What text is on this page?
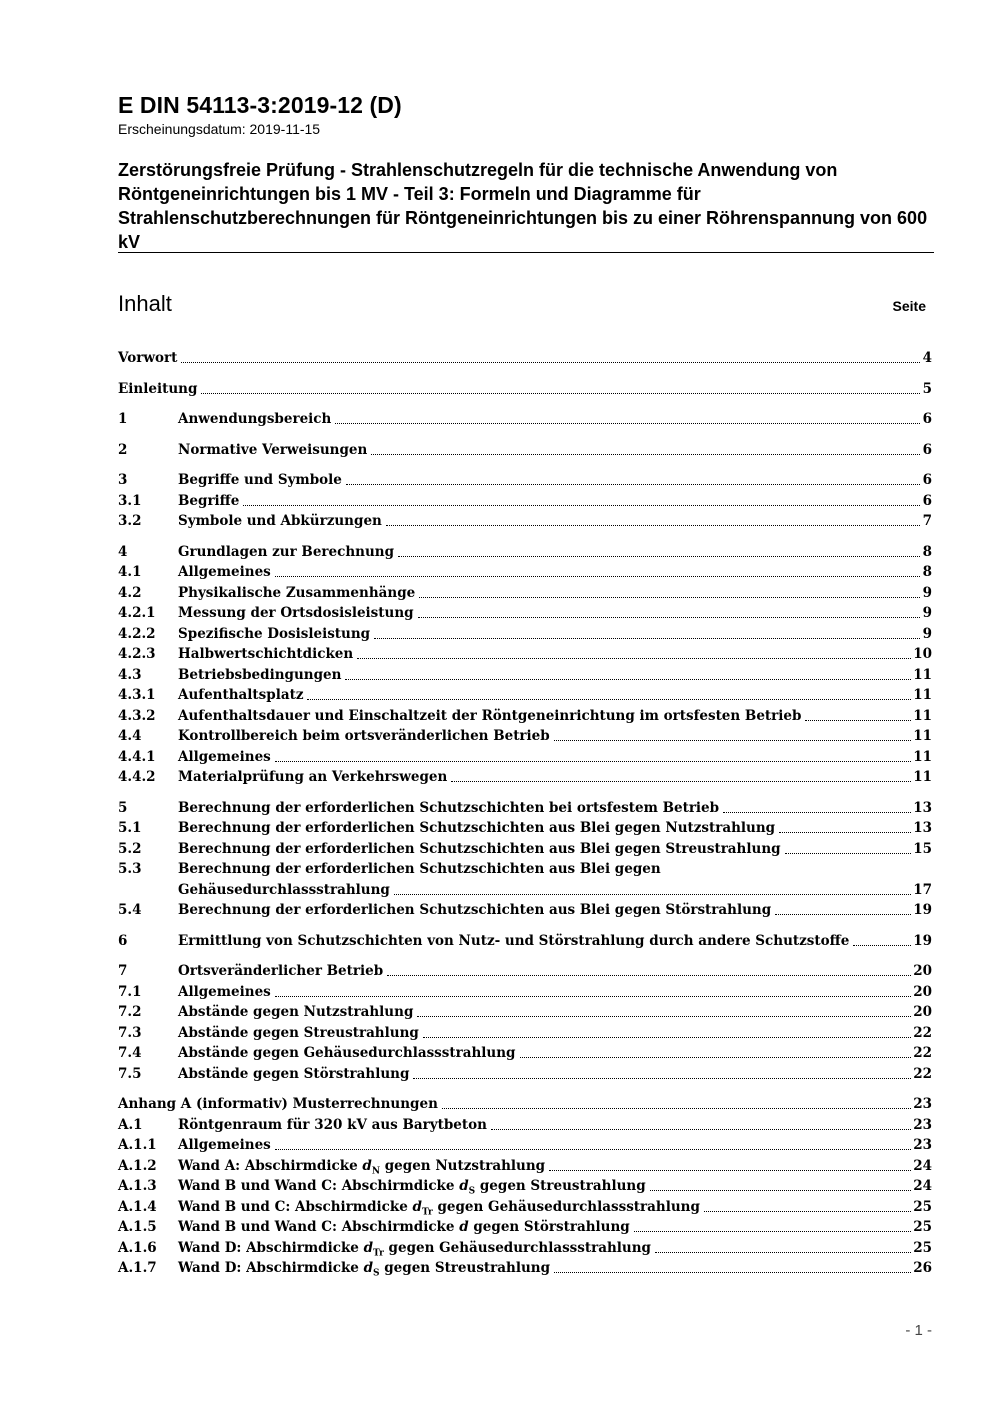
E DIN 54113-3:2019-12 (D)
Erscheinungsdatum: 2019-11-15
Zerstörungsfreie Prüfung - Strahlenschutzregeln für die technische Anwendung von Röntgeneinrichtungen bis 1 MV - Teil 3: Formeln und Diagramme für Strahlenschutzberechnungen für Röntgeneinrichtungen bis zu einer Röhrenspannung von 600 kV
Inhalt	Seite
Vorwort	4
Einleitung	5
1	Anwendungsbereich	6
2	Normative Verweisungen	6
3	Begriffe und Symbole	6
3.1	Begriffe	6
3.2	Symbole und Abkürzungen	7
4	Grundlagen zur Berechnung	8
4.1	Allgemeines	8
4.2	Physikalische Zusammenhänge	9
4.2.1	Messung der Ortsdosisleistung	9
4.2.2	Spezifische Dosisleistung	9
4.2.3	Halbwertschichtdicken	10
4.3	Betriebsbedingungen	11
4.3.1	Aufenthaltsplatz	11
4.3.2	Aufenthaltsdauer und Einschaltzeit der Röntgeneinrichtung im ortsfesten Betrieb	11
4.4	Kontrollbereich beim ortsveränderlichen Betrieb	11
4.4.1	Allgemeines	11
4.4.2	Materialprüfung an Verkehrswegen	11
5	Berechnung der erforderlichen Schutzschichten bei ortsfestem Betrieb	13
5.1	Berechnung der erforderlichen Schutzschichten aus Blei gegen Nutzstrahlung	13
5.2	Berechnung der erforderlichen Schutzschichten aus Blei gegen Streustrahlung	15
5.3	Berechnung der erforderlichen Schutzschichten aus Blei gegen
Gehäusedurchlassstrahlung	17
5.4	Berechnung der erforderlichen Schutzschichten aus Blei gegen Störstrahlung	19
6	Ermittlung von Schutzschichten von Nutz- und Störstrahlung durch andere Schutzstoffe	19
7	Ortsveränderlicher Betrieb	20
7.1	Allgemeines	20
7.2	Abstände gegen Nutzstrahlung	20
7.3	Abstände gegen Streustrahlung	22
7.4	Abstände gegen Gehäusedurchlassstrahlung	22
7.5	Abstände gegen Störstrahlung	22
Anhang A (informativ) Musterrechnungen	23
A.1	Röntgenraum für 320 kV aus Barytbeton	23
A.1.1	Allgemeines	23
A.1.2	Wand A: Abschirmdicke $d_N$ gegen Nutzstrahlung	24
A.1.3	Wand B und Wand C: Abschirmdicke $d_S$ gegen Streustrahlung	24
A.1.4	Wand B und C: Abschirmdicke $d_{Tr}$ gegen Gehäusedurchlassstrahlung	25
A.1.5	Wand B und Wand C: Abschirmdicke d gegen Störstrahlung	25
A.1.6	Wand D: Abschirmdicke $d_{Tr}$ gegen Gehäusedurchlassstrahlung	25
A.1.7	Wand D: Abschirmdicke $d_S$ gegen Streustrahlung	26
- 1 -
